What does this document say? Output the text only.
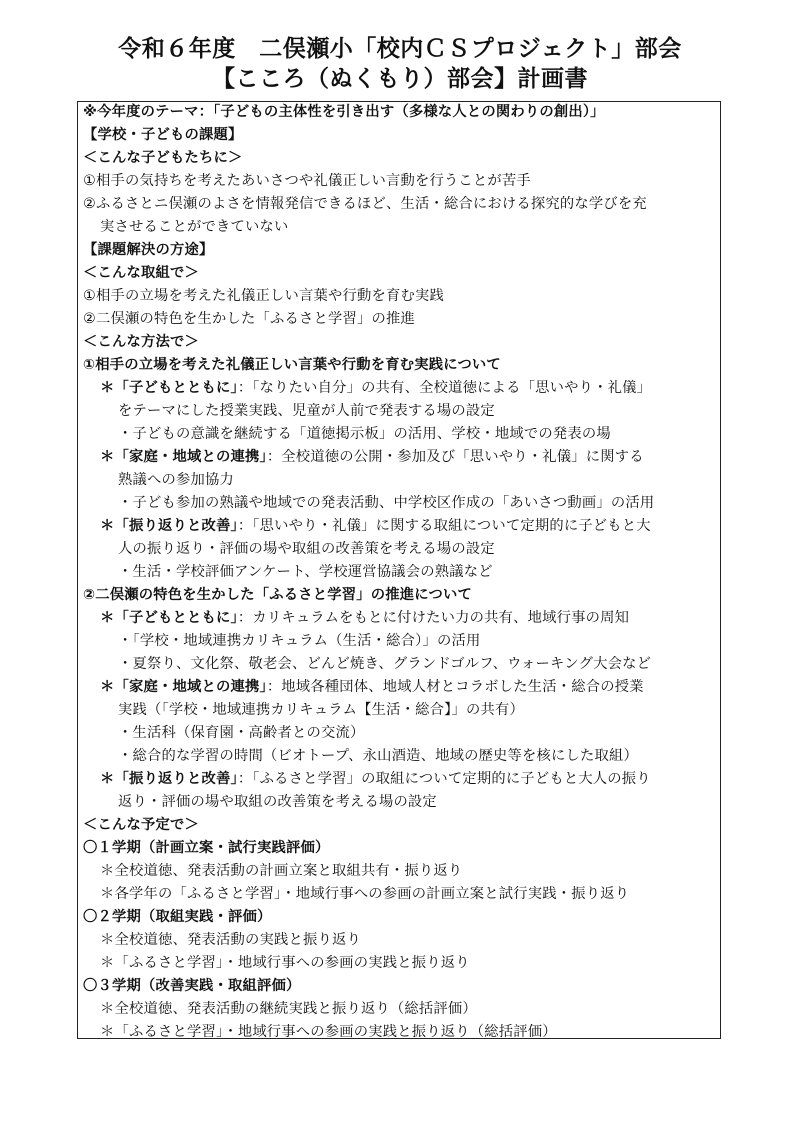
令和６年度　二俣瀬小「校内ＣＳプロジェクト」部会
【こころ（ぬくもり）部会】計画書
※今年度のテーマ：「子どもの主体性を引き出す（多様な人との関わりの創出）」
【学校・子どもの課題】
＜こんな子どもたちに＞
①相手の気持ちを考えたあいさつや礼儀正しい言動を行うことが苦手
②ふるさとニ俣瀬のよさを情報発信できるほど、生活・総合における探究的な学びを充
実させることができていない
【課題解決の方途】
＜こんな取組で＞
①相手の立場を考えた礼儀正しい言葉や行動を育む実践
②二俣瀬の特色を生かした「ふるさと学習」の推進
＜こんな方法で＞
①相手の立場を考えた礼儀正しい言葉や行動を育む実践について
＊「子どもとともに」：「なりたい自分」の共有、全校道徳による「思いやり・礼儀」
をテーマにした授業実践、児童が人前で発表する場の設定
・子どもの意識を継続する「道徳掲示板」の活用、学校・地域での発表の場
＊「家庭・地域との連携」：全校道徳の公開・参加及び「思いやり・礼儀」に関する
熟議への参加協力
・子ども参加の熟議や地域での発表活動、中学校区作成の「あいさつ動画」の活用
＊「振り返りと改善」：「思いやり・礼儀」に関する取組について定期的に子どもと大
人の振り返り・評価の場や取組の改善策を考える場の設定
・生活・学校評価アンケート、学校運営協議会の熟議など
②二俣瀬の特色を生かした「ふるさと学習」の推進について
＊「子どもとともに」：カリキュラムをもとに付けたい力の共有、地域行事の周知
・「学校・地域連携カリキュラム（生活・総合）」の活用
・夏祭り、文化祭、敬老会、どんど焼き、グランドゴルフ、ウォーキング大会など
＊「家庭・地域との連携」：地域各種団体、地域人材とコラボした生活・総合の授業
実践（「学校・地域連携カリキュラム【生活・総合】」の共有）
・生活科（保育園・高齢者との交流）
・総合的な学習の時間（ビオトープ、永山酒造、地域の歴史等を核にした取組）
＊「振り返りと改善」：「ふるさと学習」の取組について定期的に子どもと大人の振り
返り・評価の場や取組の改善策を考える場の設定
＜こんな予定で＞
〇１学期（計画立案・試行実践評価）
＊全校道徳、発表活動の計画立案と取組共有・振り返り
＊各学年の「ふるさと学習」・地域行事への参画の計画立案と試行実践・振り返り
〇２学期（取組実践・評価）
＊全校道徳、発表活動の実践と振り返り
＊「ふるさと学習」・地域行事への参画の実践と振り返り
〇３学期（改善実践・取組評価）
＊全校道徳、発表活動の継続実践と振り返り（総括評価）
＊「ふるさと学習」・地域行事への参画の実践と振り返り（総括評価）
